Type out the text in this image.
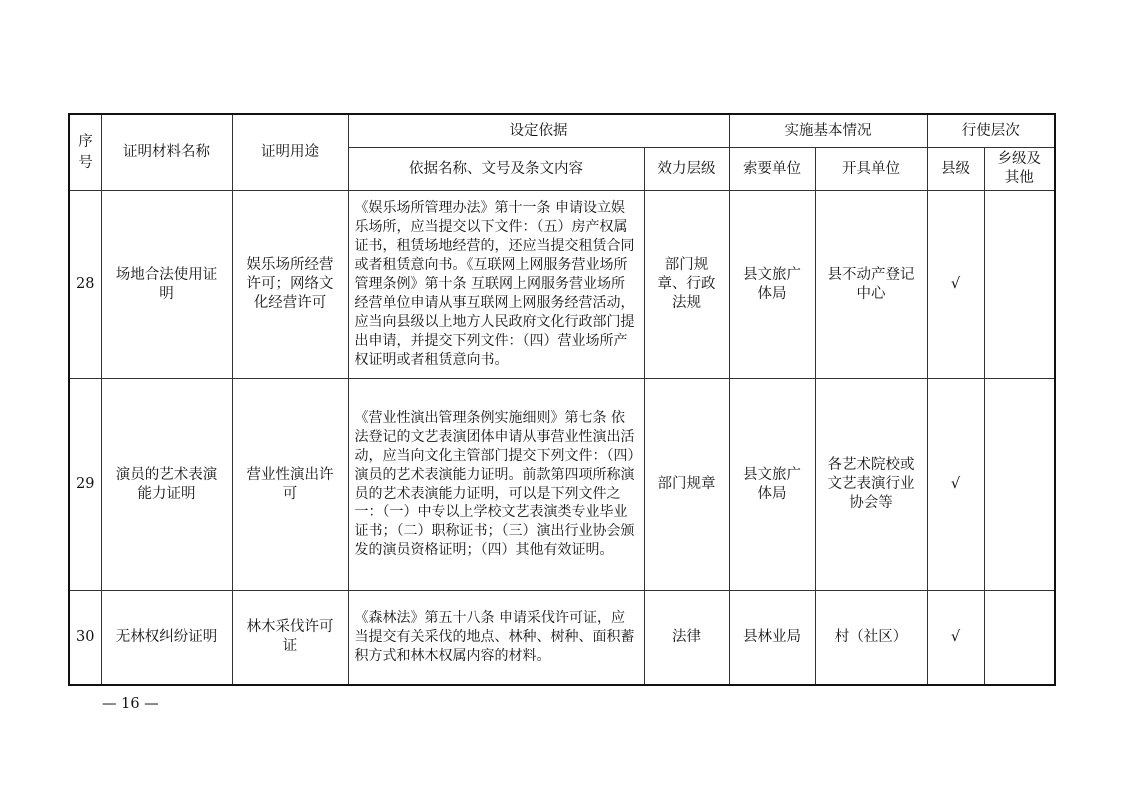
序号	证明材料名称	证明用途	设定依据		实施基本情况		行使层次	
			依据名称、文号及条文内容	效力层级	索要单位	开具单位	县级	乡级及其他
28	场地合法使用证明	娱乐场所经营许可；网络文化经营许可	《娱乐场所管理办法》第十一条 申请设立娱乐场所，应当提交以下文件：（五）房产权属证书，租赁场地经营的，还应当提交租赁合同或者租赁意向书。《互联网上网服务营业场所管理条例》第十条 互联网上网服务营业场所经营单位申请从事互联网上网服务经营活动，应当向县级以上地方人民政府文化行政部门提出申请，并提交下列文件：（四）营业场所产权证明或者租赁意向书。	部门规章、行政法规	县文旅广体局	县不动产登记中心	√	
29	演员的艺术表演能力证明	营业性演出许可	《营业性演出管理条例实施细则》第七条 依法登记的文艺表演团体申请从事营业性演出活动，应当向文化主管部门提交下列文件：（四）演员的艺术表演能力证明。前款第四项所称演员的艺术表演能力证明，可以是下列文件之一：（一）中专以上学校文艺表演类专业毕业证书；（二）职称证书；（三）演出行业协会颁发的演员资格证明；（四）其他有效证明。	部门规章	县文旅广体局	各艺术院校或文艺表演行业协会等	√	
30	无林权纠纷证明	林木采伐许可证	《森林法》第五十八条 申请采伐许可证，应当提交有关采伐的地点、林种、树种、面积蓄积方式和林木权属内容的材料。	法律	县林业局	村（社区）	√	
— 16 —
